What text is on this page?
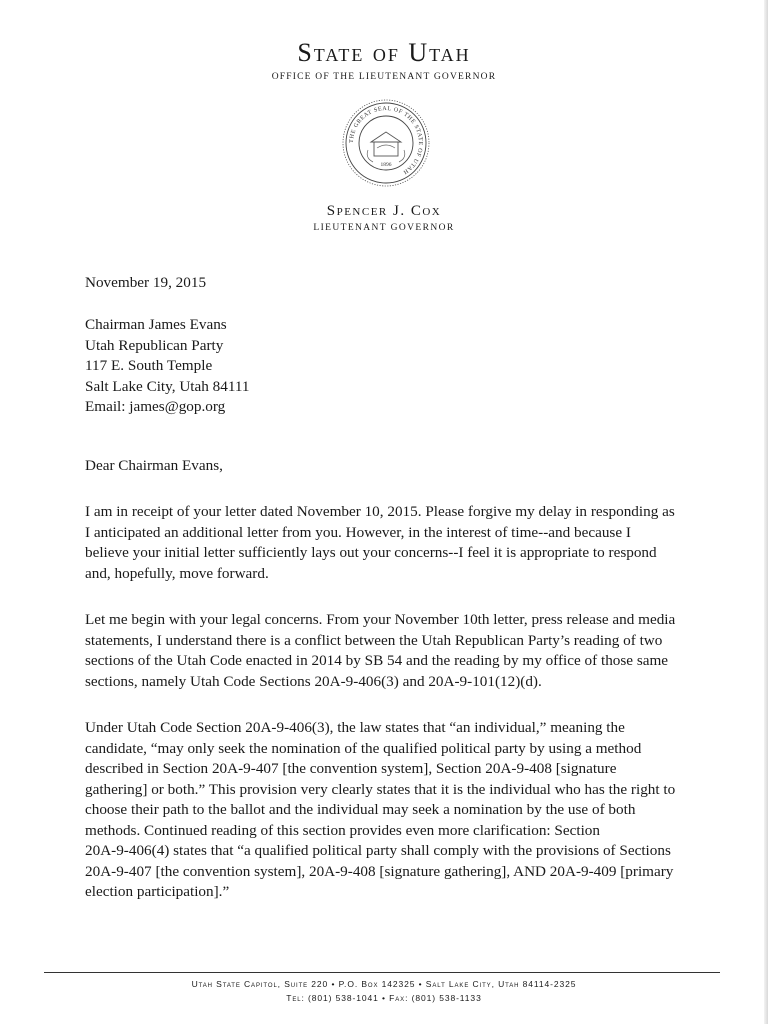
State of Utah
OFFICE OF THE LIEUTENANT GOVERNOR
THE GREAT SEAL OF THE STATE OF UTAH
1896
Spencer J. Cox
LIEUTENANT GOVERNOR
November 19, 2015
Chairman James Evans
Utah Republican Party
117 E. South Temple
Salt Lake City, Utah 84111
Email: james@gop.org
Dear Chairman Evans,
I am in receipt of your letter dated November 10, 2015. Please forgive my delay in responding as
I anticipated an additional letter from you. However, in the interest of time--and because I
believe your initial letter sufficiently lays out your concerns--I feel it is appropriate to respond
and, hopefully, move forward.
Let me begin with your legal concerns. From your November 10th letter, press release and media
statements, I understand there is a conflict between the Utah Republican Party’s reading of two
sections of the Utah Code enacted in 2014 by SB 54 and the reading by my office of those same
sections, namely Utah Code Sections 20A-9-406(3) and 20A-9-101(12)(d).
Under Utah Code Section 20A-9-406(3), the law states that “an individual,” meaning the
candidate, “may only seek the nomination of the qualified political party by using a method
described in Section 20A-9-407 [the convention system], Section 20A-9-408 [signature
gathering] or both.” This provision very clearly states that it is the individual who has the right to
choose their path to the ballot and the individual may seek a nomination by the use of both
methods. Continued reading of this section provides even more clarification: Section
20A-9-406(4) states that “a qualified political party shall comply with the provisions of Sections
20A-9-407 [the convention system], 20A-9-408 [signature gathering], AND 20A-9-409 [primary
election participation].”
Utah State Capitol, Suite 220 • P.O. Box 142325 • Salt Lake City, Utah 84114-2325
Tel: (801) 538-1041 • Fax: (801) 538-1133
